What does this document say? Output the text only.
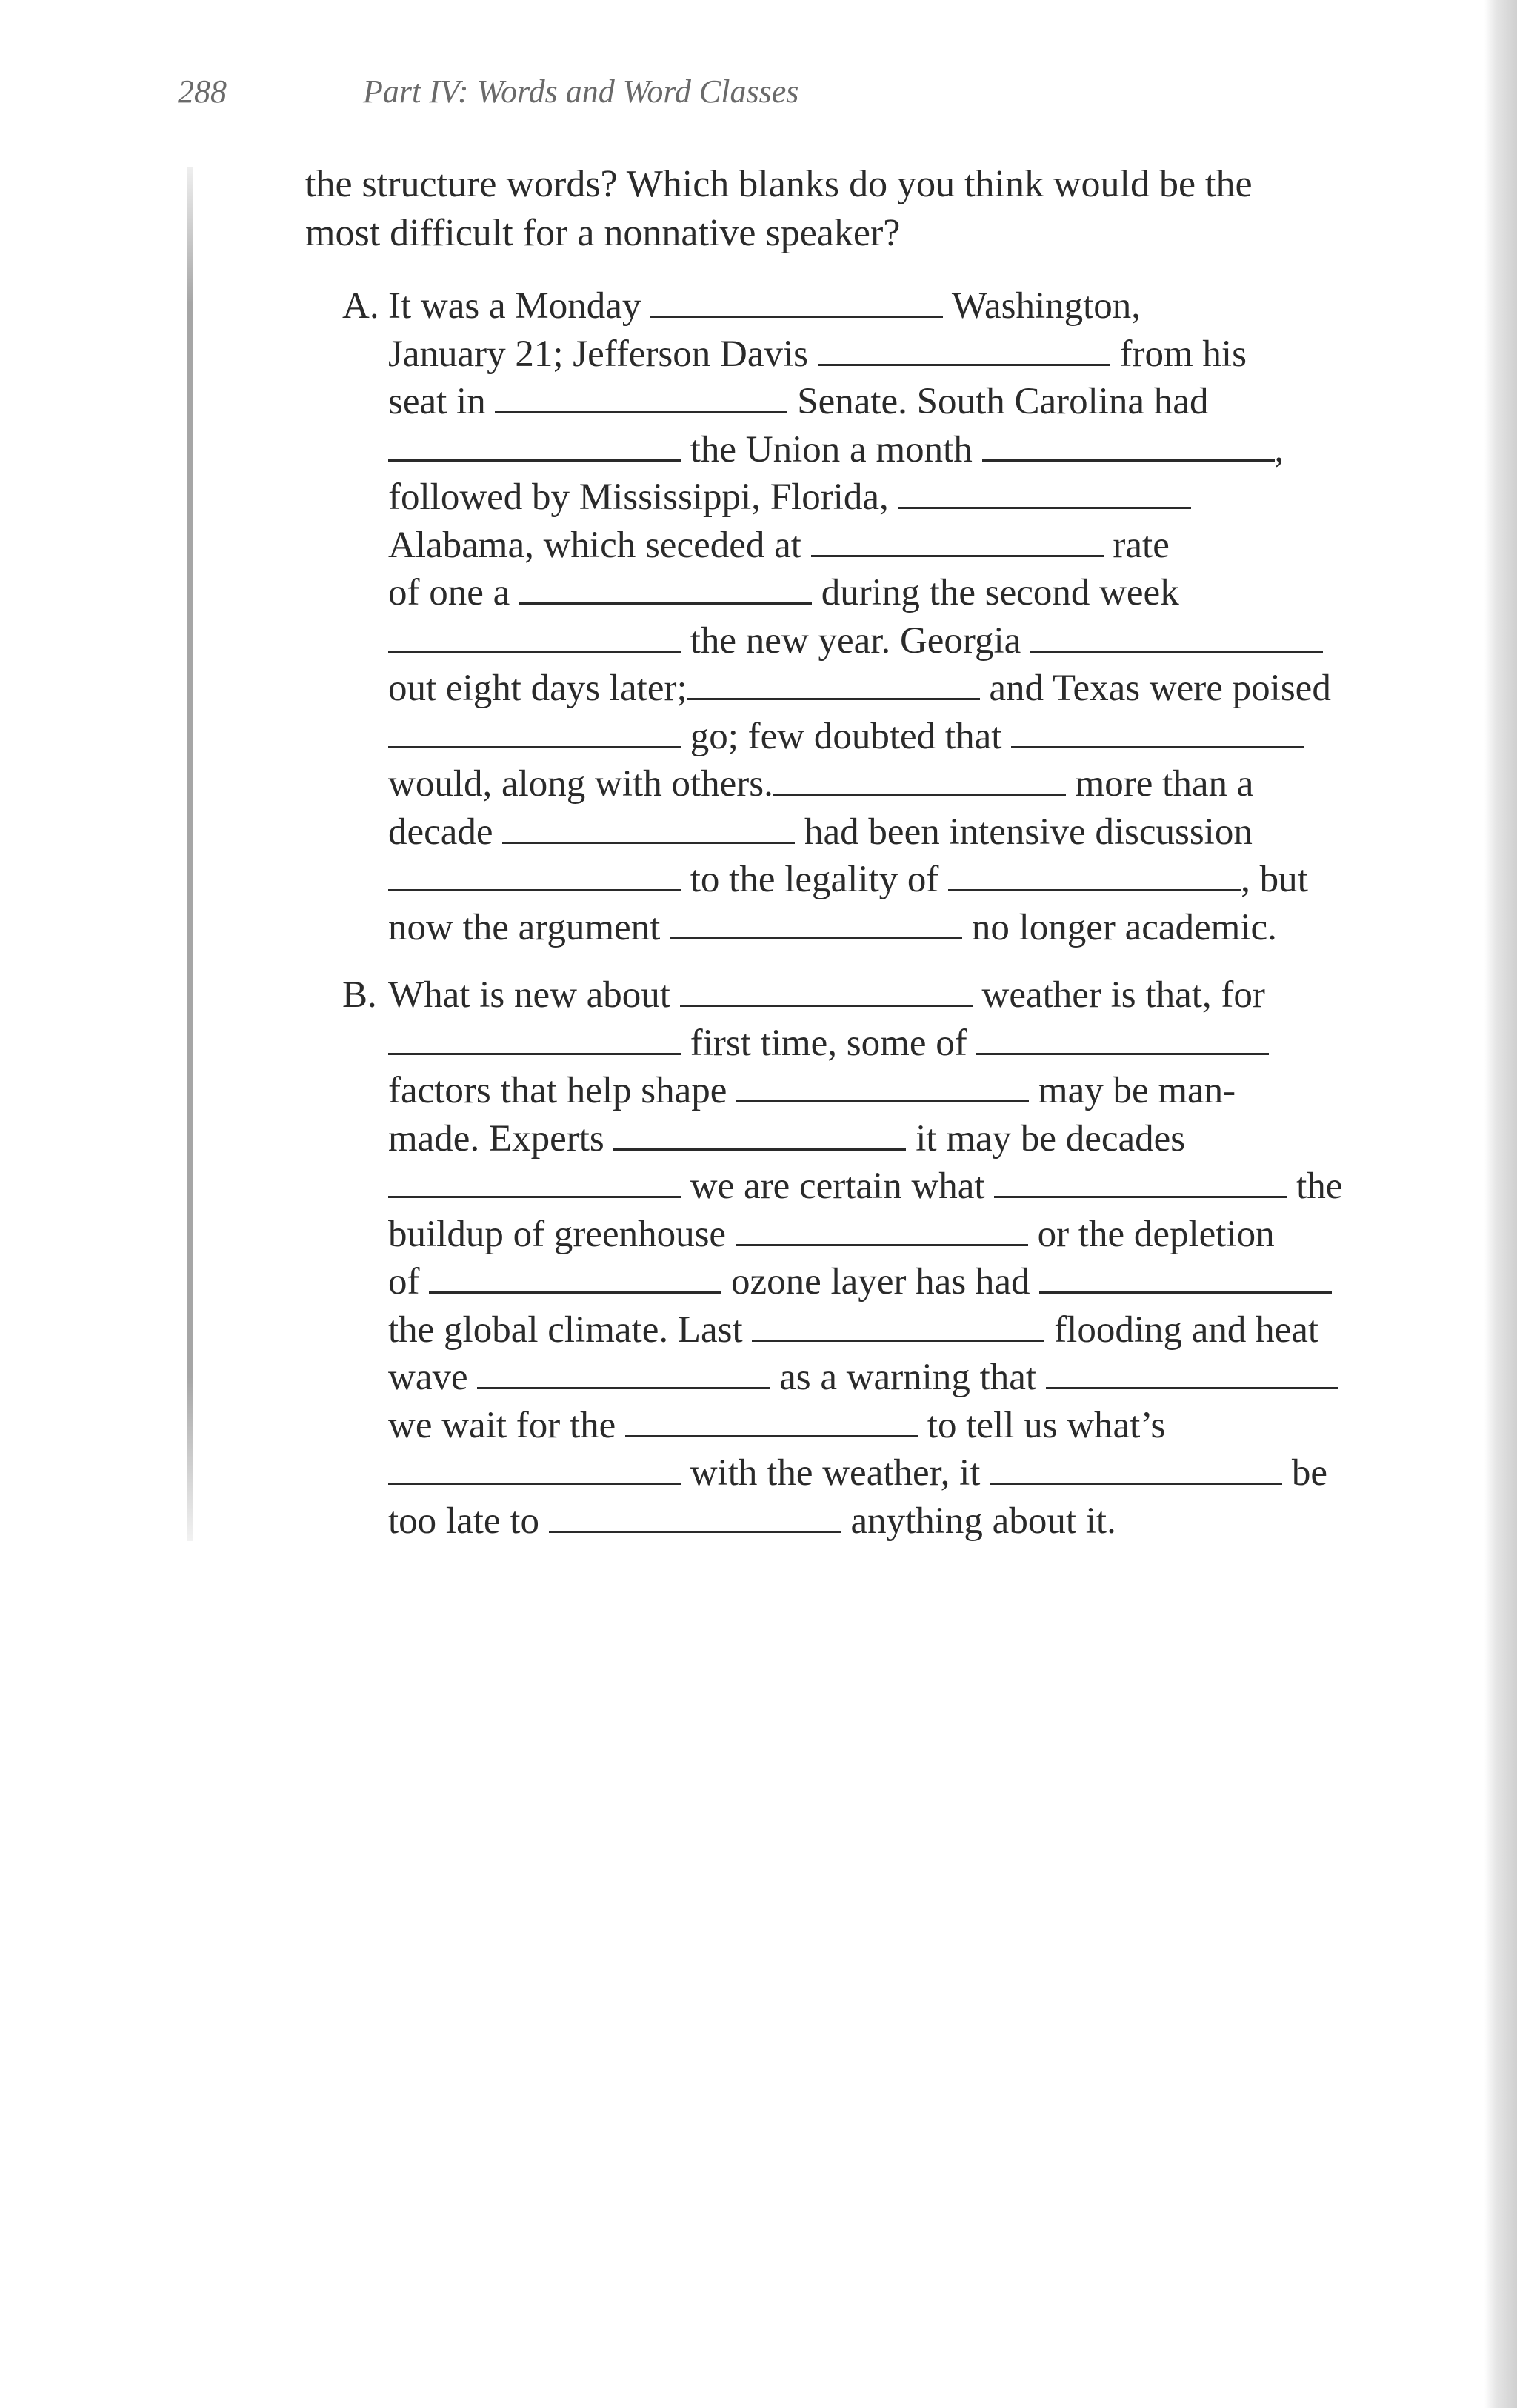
288	Part IV: Words and Word Classes
the structure words? Which blanks do you think would be the
most difficult for a nonnative speaker?
A. It was a Monday	Washington,
January 21; Jefferson Davis	from his
seat in	Senate. South Carolina had
the Union a month	,
followed by Mississippi, Florida,
Alabama, which seceded at	rate
of one a	during the second week
the new year. Georgia
out eight days later;	and Texas were poised
go; few doubted that
would, along with others.	more than a
decade	had been intensive discussion
to the legality of	, but
now the argument	no longer academic.
B. What is new about	weather is that, for
first time, some of
factors that help shape	may be man-
made. Experts	it may be decades
we are certain what	the
buildup of greenhouse	or the depletion
of	ozone layer has had
the global climate. Last	flooding and heat
wave	as a warning that
we wait for the	to tell us what’s
with the weather, it	be
too late to	anything about it.
